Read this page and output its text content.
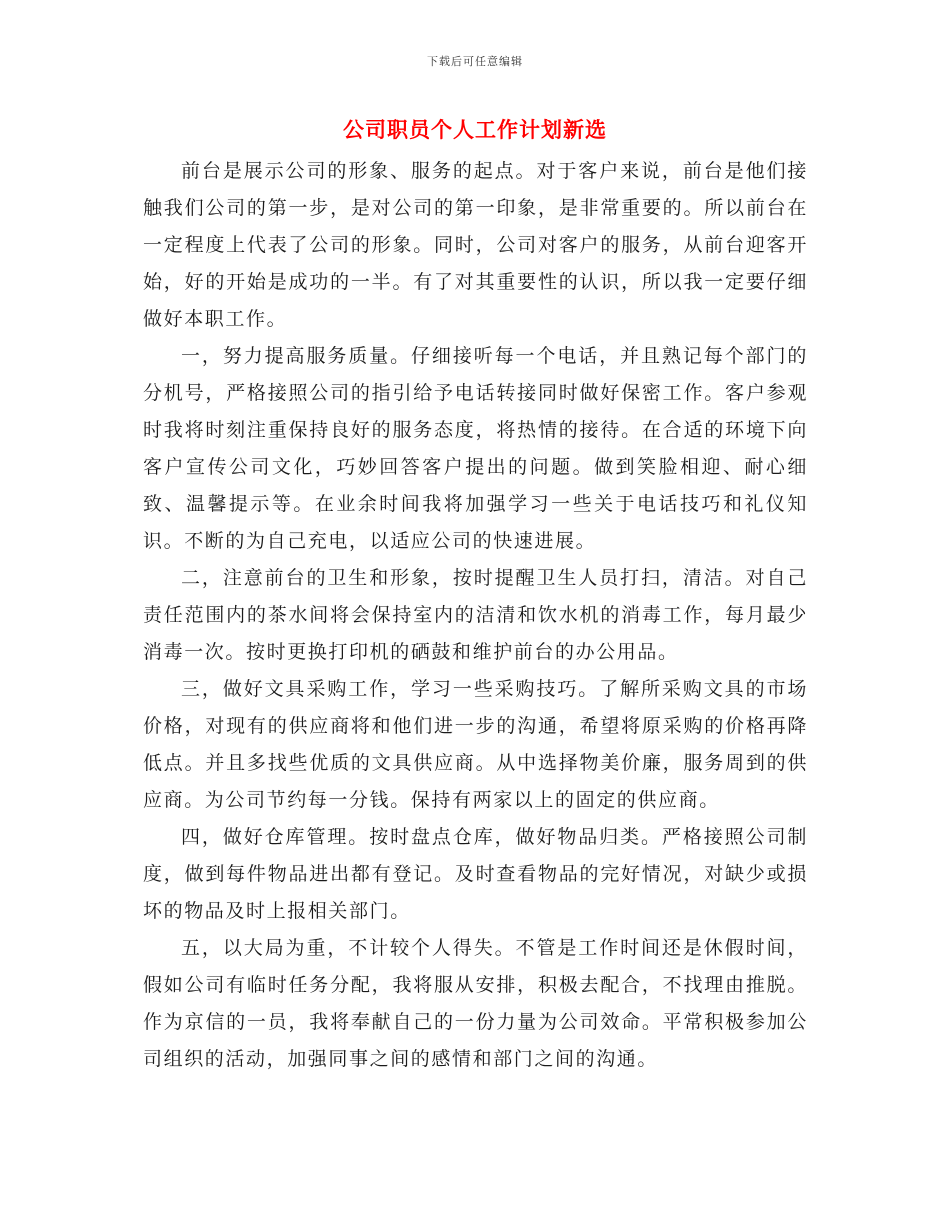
下载后可任意编辑
公司职员个人工作计划新选

前台是展示公司的形象、服务的起点。对于客户来说，前台是他们接触我们公司的第一步，是对公司的第一印象，是非常重要的。所以前台在一定程度上代表了公司的形象。同时，公司对客户的服务，从前台迎客开始，好的开始是成功的一半。有了对其重要性的认识，所以我一定要仔细做好本职工作。

一，努力提高服务质量。仔细接听每一个电话，并且熟记每个部门的分机号，严格接照公司的指引给予电话转接同时做好保密工作。客户参观时我将时刻注重保持良好的服务态度，将热情的接待。在合适的环境下向客户宣传公司文化，巧妙回答客户提出的问题。做到笑脸相迎、耐心细致、温馨提示等。在业余时间我将加强学习一些关于电话技巧和礼仪知识。不断的为自己充电，以适应公司的快速进展。

二，注意前台的卫生和形象，按时提醒卫生人员打扫，清洁。对自己责任范围内的茶水间将会保持室内的洁清和饮水机的消毒工作，每月最少消毒一次。按时更换打印机的硒鼓和维护前台的办公用品。

三，做好文具采购工作，学习一些采购技巧。了解所采购文具的市场价格，对现有的供应商将和他们进一步的沟通，希望将原采购的价格再降低点。并且多找些优质的文具供应商。从中选择物美价廉，服务周到的供应商。为公司节约每一分钱。保持有两家以上的固定的供应商。

四，做好仓库管理。按时盘点仓库，做好物品归类。严格接照公司制度，做到每件物品进出都有登记。及时查看物品的完好情况，对缺少或损坏的物品及时上报相关部门。

五，以大局为重，不计较个人得失。不管是工作时间还是休假时间，假如公司有临时任务分配，我将服从安排，积极去配合，不找理由推脱。作为京信的一员，我将奉献自己的一份力量为公司效命。平常积极参加公司组织的活动，加强同事之间的感情和部门之间的沟通。
